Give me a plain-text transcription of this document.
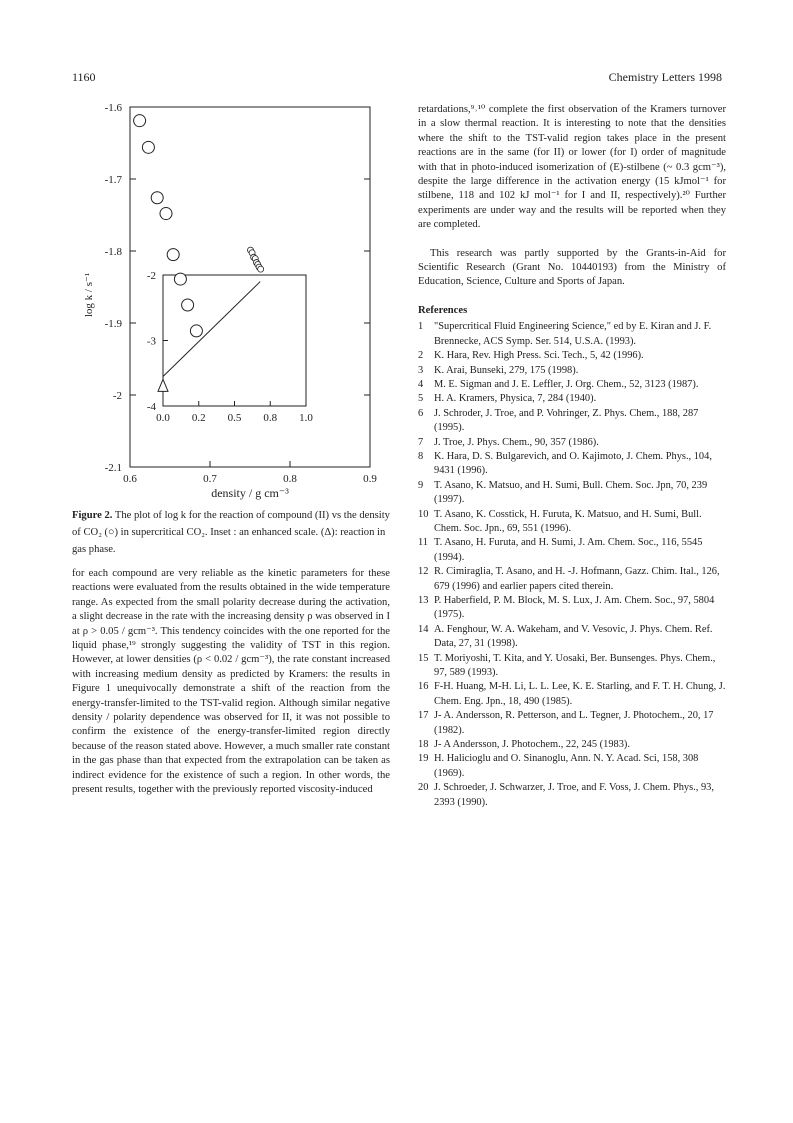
1160	Chemistry Letters 1998
-1.6
-1.7
-1.8
-1.9
-2
-2.1
0.6	0.7	0.8	0.9
-2
-3
-4
0.0 0.2 0.5 0.8 1.0
log k / s⁻¹
density / g cm⁻³
Figure 2. The plot of log k for the reaction of compound (II) vs the density of CO₂ (○) in supercritical CO₂. Inset : an enhanced scale. (Δ): reaction in gas phase.
for each compound are very reliable as the kinetic parameters for these reactions were evaluated from the results obtained in the wide temperature range. As expected from the small polarity decrease during the activation, a slight decrease in the rate with the increasing density ρ was observed in I at ρ > 0.05 / gcm⁻³. This tendency coincides with the one reported for the liquid phase,¹⁹ strongly suggesting the validity of TST in this region. However, at lower densities (ρ < 0.02 / gcm⁻³), the rate constant increased with increasing medium density as predicted by Kramers: the results in Figure 1 unequivocally demonstrate a shift of the reaction from the energy-transfer-limited to the TST-valid region. Although similar negative density / polarity dependence was observed for II, it was not possible to confirm the existence of the energy-transfer-limited region directly because of the reason stated above. However, a much smaller rate constant in the gas phase than that expected from the extrapolation can be taken as indirect evidence for the existence of such a region. In other words, the present results, together with the previously reported viscosity-induced

retardations,⁹˒¹⁰ complete the first observation of the Kramers turnover in a slow thermal reaction. It is interesting to note that the densities where the shift to the TST-valid region takes place in the present reactions are in the same (for II) or lower (for I) order of magnitude with that in photo-induced isomerization of (E)-stilbene (~ 0.3 gcm⁻³), despite the large difference in the activation energy (15 kJmol⁻¹ for stilbene, 118 and 102 kJ mol⁻¹ for I and II, respectively).²⁰ Further experiments are under way and the results will be reported when they are completed.

This research was partly supported by the Grants-in-Aid for Scientific Research (Grant No. 10440193) from the Ministry of Education, Science, Culture and Sports of Japan.

References
1 "Supercritical Fluid Engineering Science," ed by E. Kiran and J. F. Brennecke, ACS Symp. Ser. 514, U.S.A. (1993).
2 K. Hara, Rev. High Press. Sci. Tech., 5, 42 (1996).
3 K. Arai, Bunseki, 279, 175 (1998).
4 M. E. Sigman and J. E. Leffler, J. Org. Chem., 52, 3123 (1987).
5 H. A. Kramers, Physica, 7, 284 (1940).
6 J. Schroder, J. Troe, and P. Vohringer, Z. Phys. Chem., 188, 287 (1995).
7 J. Troe, J. Phys. Chem., 90, 357 (1986).
8 K. Hara, D. S. Bulgarevich, and O. Kajimoto, J. Chem. Phys., 104, 9431 (1996).
9 T. Asano, K. Matsuo, and H. Sumi, Bull. Chem. Soc. Jpn, 70, 239 (1997).
10 T. Asano, K. Cosstick, H. Furuta, K. Matsuo, and H. Sumi, Bull. Chem. Soc. Jpn., 69, 551 (1996).
11 T. Asano, H. Furuta, and H. Sumi, J. Am. Chem. Soc., 116, 5545 (1994).
12 R. Cimiraglia, T. Asano, and H. -J. Hofmann, Gazz. Chim. Ital., 126, 679 (1996) and earlier papers cited therein.
13 P. Haberfield, P. M. Block, M. S. Lux, J. Am. Chem. Soc., 97, 5804 (1975).
14 A. Fenghour, W. A. Wakeham, and V. Vesovic, J. Phys. Chem. Ref. Data, 27, 31 (1998).
15 T. Moriyoshi, T. Kita, and Y. Uosaki, Ber. Bunsenges. Phys. Chem., 97, 589 (1993).
16 F-H. Huang, M-H. Li, L. L. Lee, K. E. Starling, and F. T. H. Chung, J. Chem. Eng. Jpn., 18, 490 (1985).
17 J- A. Andersson, R. Petterson, and L. Tegner, J. Photochem., 20, 17 (1982).
18 J- A Andersson, J. Photochem., 22, 245 (1983).
19 H. Halicioglu and O. Sinanoglu, Ann. N. Y. Acad. Sci, 158, 308 (1969).
20 J. Schroeder, J. Schwarzer, J. Troe, and F. Voss, J. Chem. Phys., 93, 2393 (1990).
